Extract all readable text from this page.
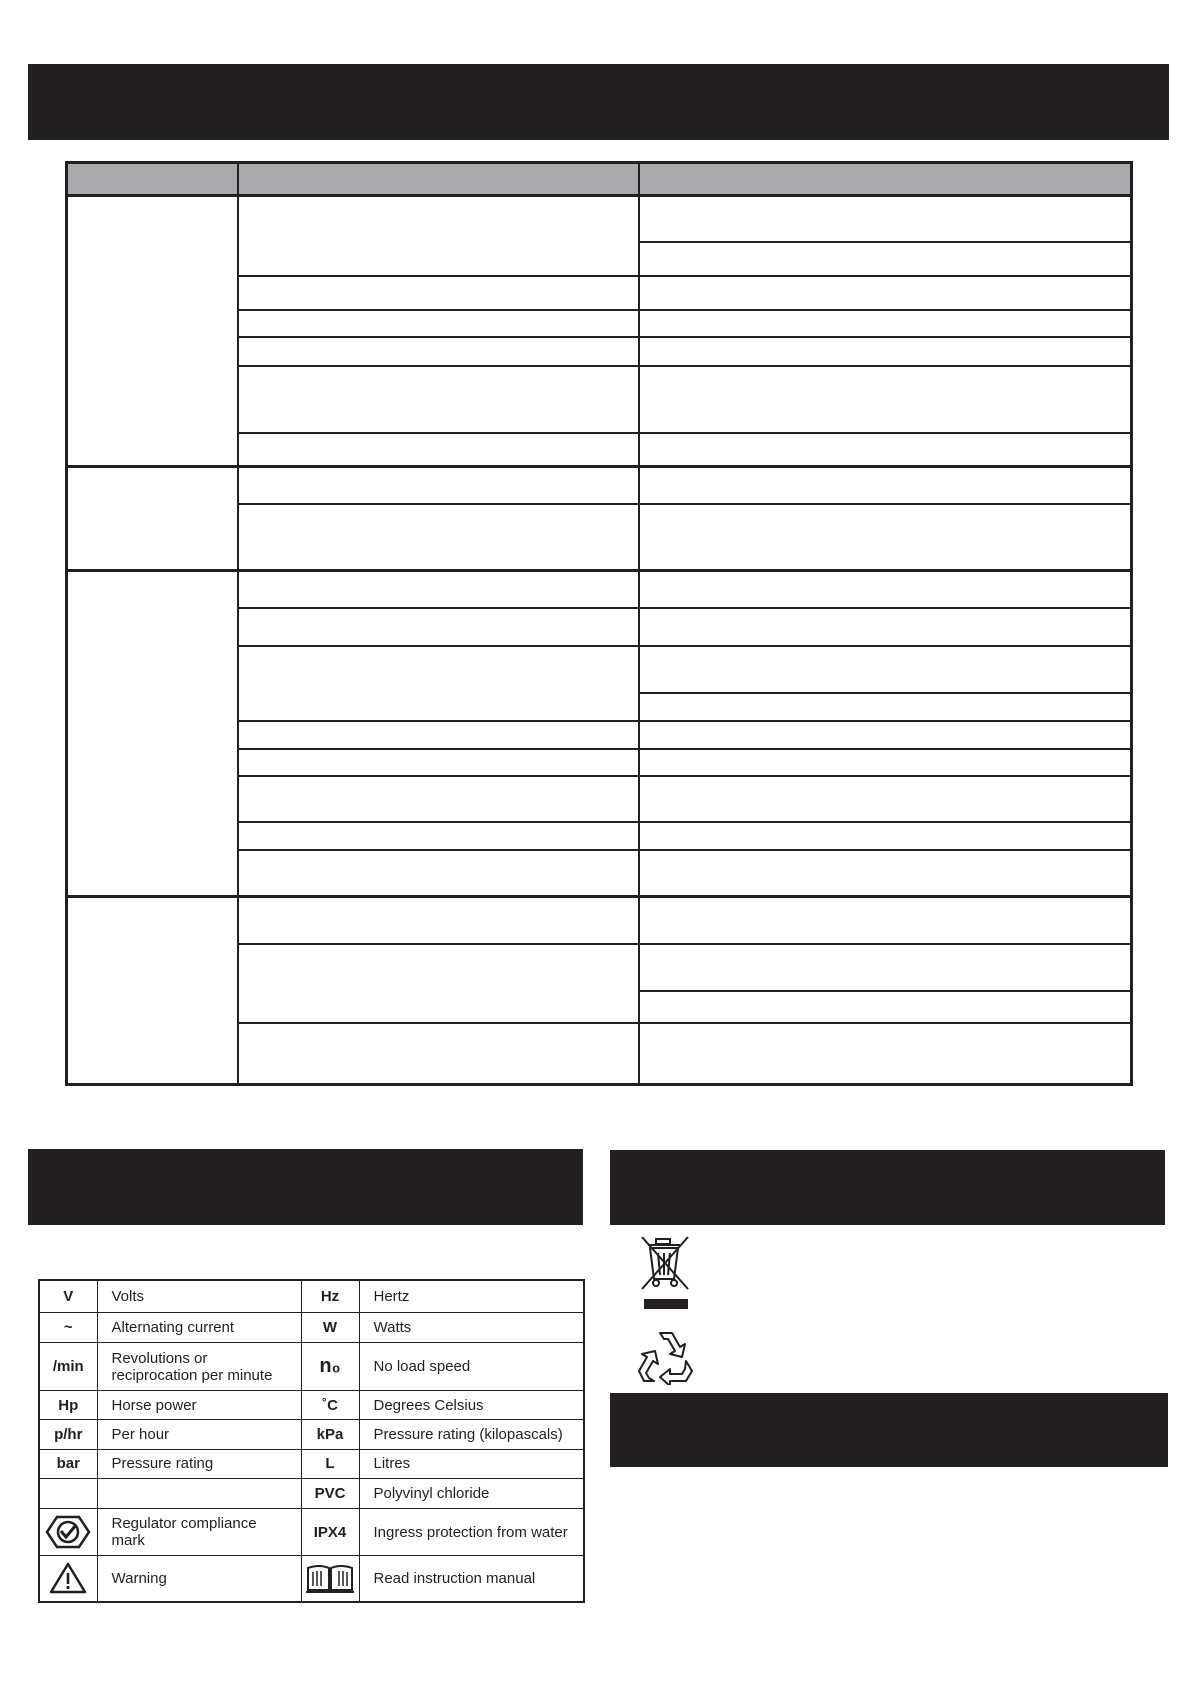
V	Volts	Hz	Hertz
~	Alternating current	W	Watts
/min	Revolutions or reciprocation per minute	n₀	No load speed
Hp	Horse power	˚C	Degrees Celsius
p/hr	Per hour	kPa	Pressure rating (kilopascals)
bar	Pressure rating	L	Litres
		PVC	Polyvinyl chloride

	Regulator compliance mark	IPX4	Ingress protection from water

	Warning		Read instruction manual
